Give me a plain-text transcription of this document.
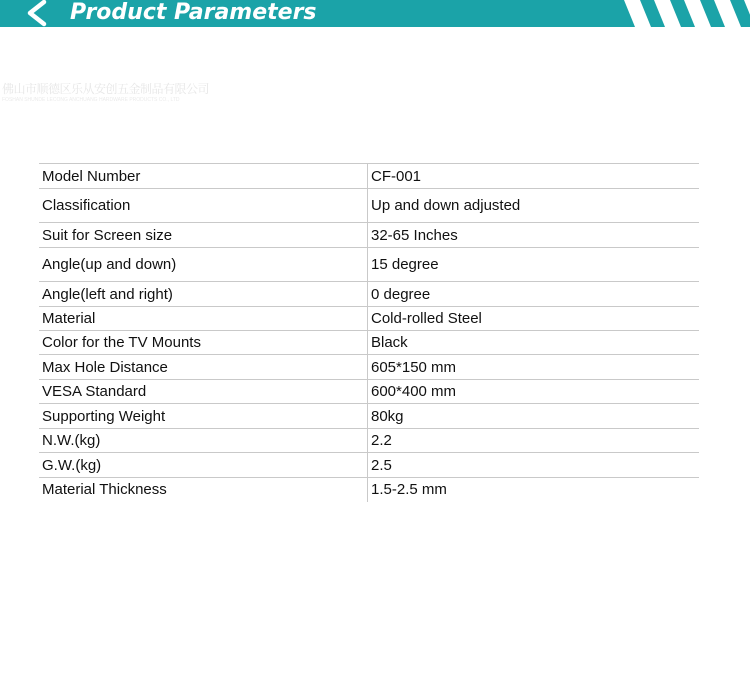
Product Parameters
佛山市顺德区乐从安创五金制品有限公司
FOSHAN SHUNDE LECONG ANCHUANG HARDWARE PRODUCTS CO., LTD
Model Number	CF-001
Classification	Up and down adjusted
Suit for Screen size	32-65 Inches
Angle(up and down)	15 degree
Angle(left and right)	0 degree
Material	Cold-rolled Steel
Color for the TV Mounts	Black
Max Hole Distance	605*150 mm
VESA Standard	600*400 mm
Supporting Weight	80kg
N.W.(kg)	2.2
G.W.(kg)	2.5
Material Thickness	1.5-2.5 mm
